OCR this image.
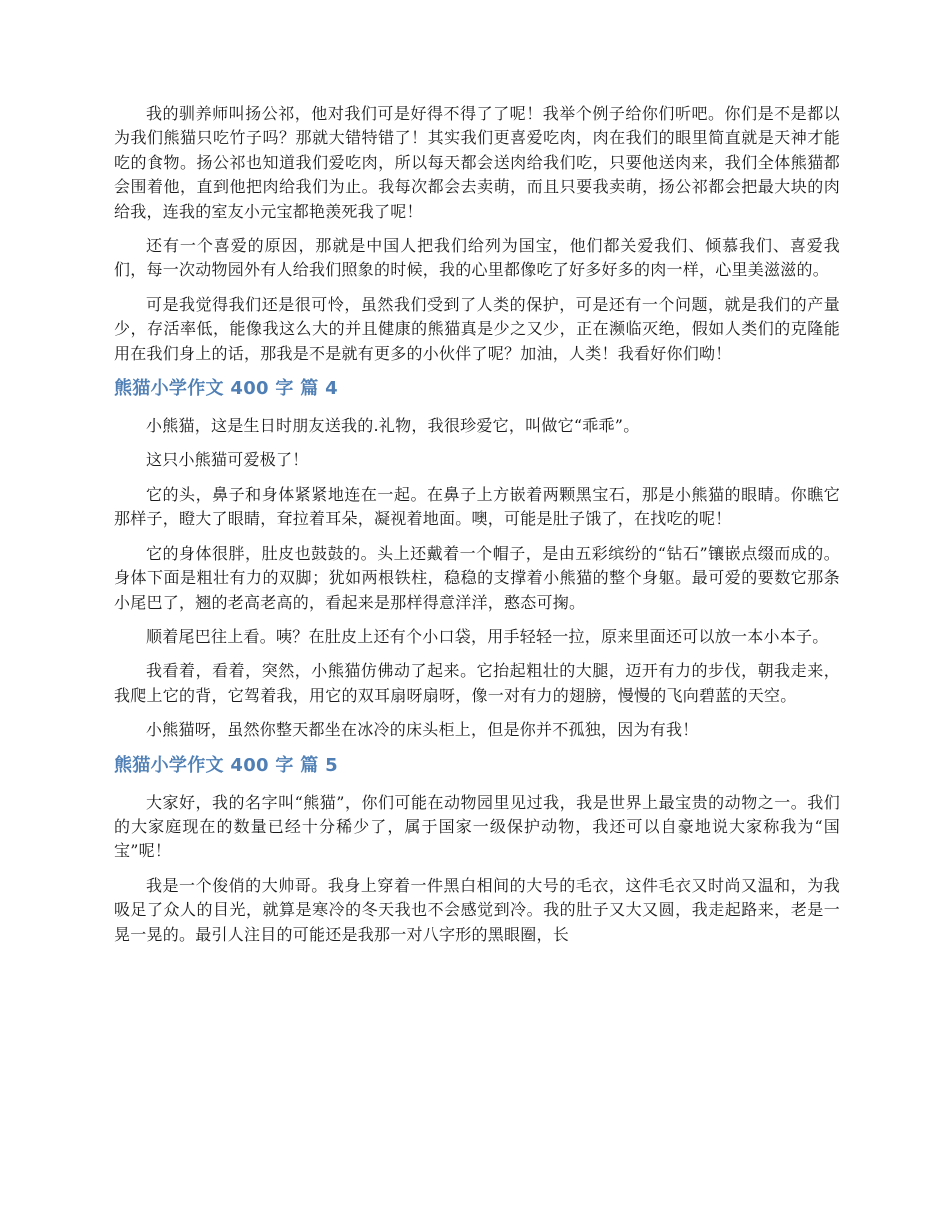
我的驯养师叫扬公祁，他对我们可是好得不得了了呢！我举个例子给你们听吧。你们是不是都以为我们熊猫只吃竹子吗？那就大错特错了！其实我们更喜爱吃肉，肉在我们的眼里简直就是天神才能吃的食物。扬公祁也知道我们爱吃肉，所以每天都会送肉给我们吃，只要他送肉来，我们全体熊猫都会围着他，直到他把肉给我们为止。我每次都会去卖萌，而且只要我卖萌，扬公祁都会把最大块的肉给我，连我的室友小元宝都艳羡死我了呢！

还有一个喜爱的原因，那就是中国人把我们给列为国宝，他们都关爱我们、倾慕我们、喜爱我们，每一次动物园外有人给我们照象的时候，我的心里都像吃了好多好多的肉一样，心里美滋滋的。

可是我觉得我们还是很可怜，虽然我们受到了人类的保护，可是还有一个问题，就是我们的产量少，存活率低，能像我这么大的并且健康的熊猫真是少之又少，正在濒临灭绝，假如人类们的克隆能用在我们身上的话，那我是不是就有更多的小伙伴了呢？加油，人类！我看好你们呦！

熊猫小学作文 400 字 篇 4

小熊猫，这是生日时朋友送我的.礼物，我很珍爱它，叫做它“乖乖”。

这只小熊猫可爱极了！

它的头，鼻子和身体紧紧地连在一起。在鼻子上方嵌着两颗黑宝石，那是小熊猫的眼睛。你瞧它那样子，瞪大了眼睛，耷拉着耳朵，凝视着地面。噢，可能是肚子饿了，在找吃的呢！

它的身体很胖，肚皮也鼓鼓的。头上还戴着一个帽子，是由五彩缤纷的“钻石”镶嵌点缀而成的。身体下面是粗壮有力的双脚；犹如两根铁柱，稳稳的支撑着小熊猫的整个身躯。最可爱的要数它那条小尾巴了，翘的老高老高的，看起来是那样得意洋洋，憨态可掬。

顺着尾巴往上看。咦？在肚皮上还有个小口袋，用手轻轻一拉，原来里面还可以放一本小本子。

我看着，看着，突然，小熊猫仿佛动了起来。它抬起粗壮的大腿，迈开有力的步伐，朝我走来，我爬上它的背，它驾着我，用它的双耳扇呀扇呀，像一对有力的翅膀，慢慢的飞向碧蓝的天空。

小熊猫呀，虽然你整天都坐在冰冷的床头柜上，但是你并不孤独，因为有我！

熊猫小学作文 400 字 篇 5

大家好，我的名字叫“熊猫”，你们可能在动物园里见过我，我是世界上最宝贵的动物之一。我们的大家庭现在的数量已经十分稀少了，属于国家一级保护动物，我还可以自豪地说大家称我为“国宝”呢！

我是一个俊俏的大帅哥。我身上穿着一件黑白相间的大号的毛衣，这件毛衣又时尚又温和，为我吸足了众人的目光，就算是寒冷的冬天我也不会感觉到冷。我的肚子又大又圆，我走起路来，老是一晃一晃的。最引人注目的可能还是我那一对八字形的黑眼圈，长
